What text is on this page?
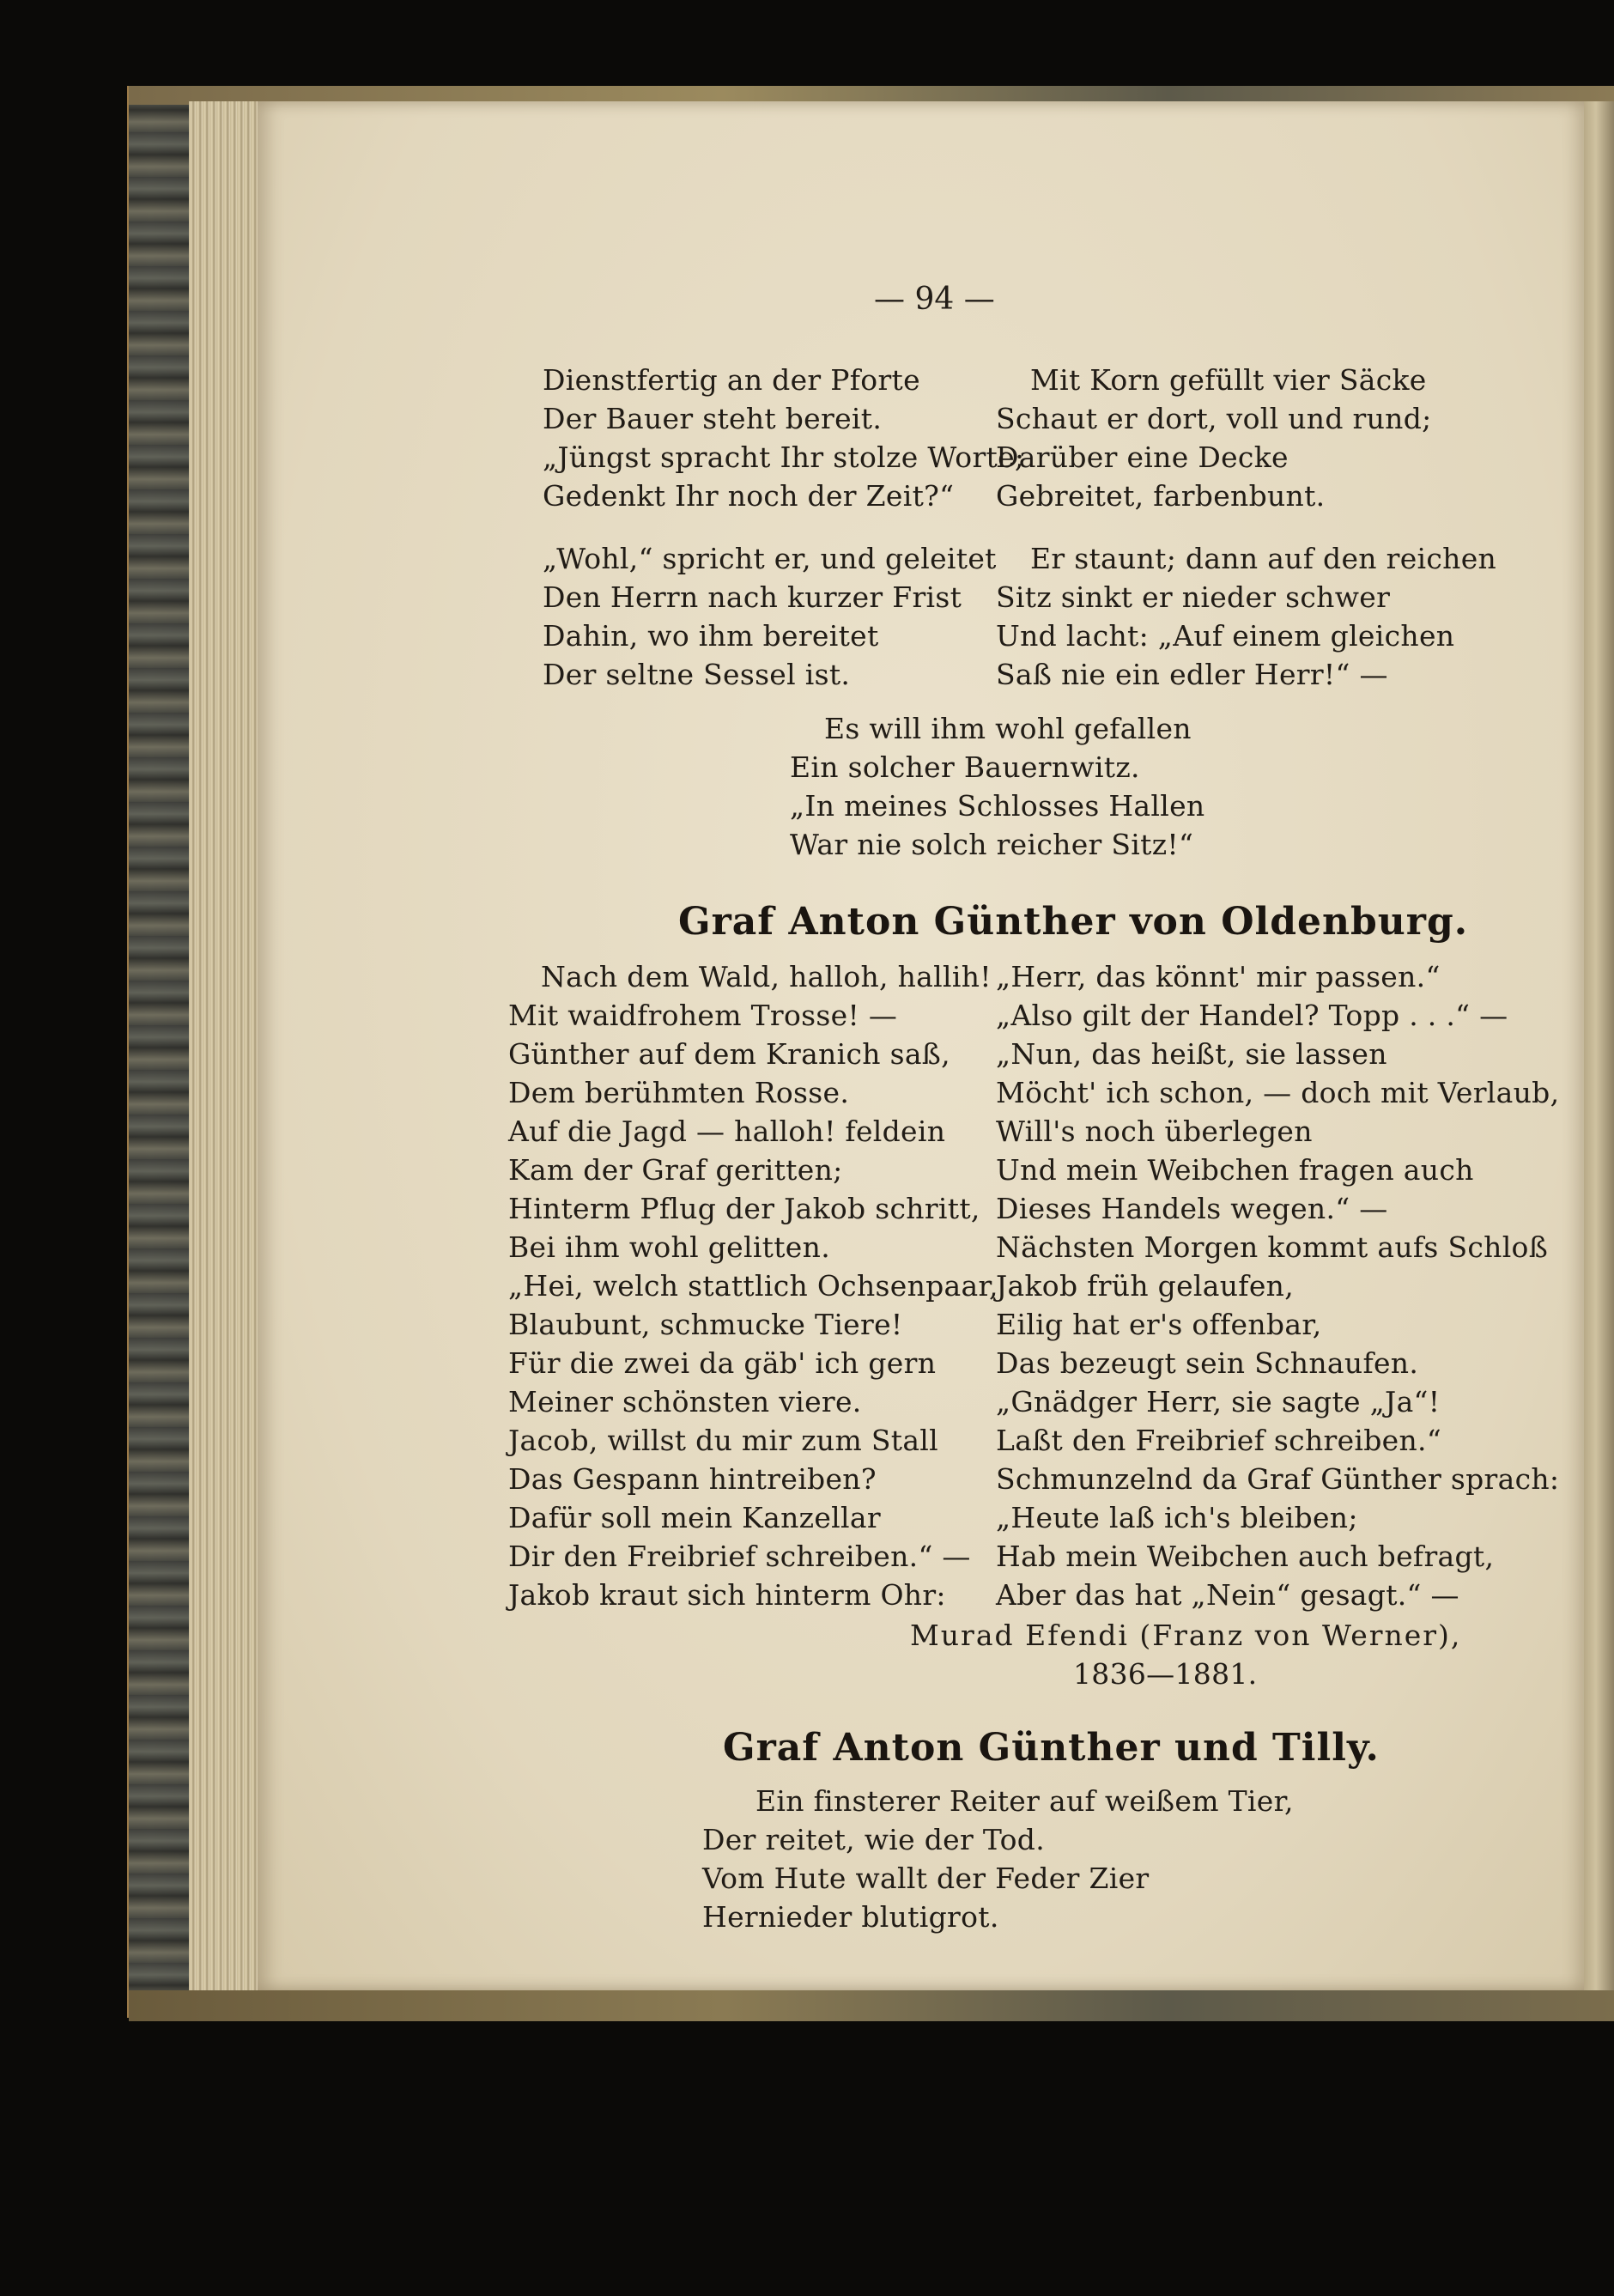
— 94 —
Dienstfertig an der Pforte
Der Bauer steht bereit.
„Jüngst spracht Ihr stolze Worte;
Gedenkt Ihr noch der Zeit?“
„Wohl,“ spricht er, und geleitet
Den Herrn nach kurzer Frist
Dahin, wo ihm bereitet
Der seltne Sessel ist.
Mit Korn gefüllt vier Säcke
Schaut er dort, voll und rund;
Darüber eine Decke
Gebreitet, farbenbunt.
Er staunt; dann auf den reichen
Sitz sinkt er nieder schwer
Und lacht: „Auf einem gleichen
Saß nie ein edler Herr!“ —
Es will ihm wohl gefallen
Ein solcher Bauernwitz.
„In meines Schlosses Hallen
War nie solch reicher Sitz!“
Graf Anton Günther von Oldenburg.
Nach dem Wald, halloh, hallih!
Mit waidfrohem Trosse! —
Günther auf dem Kranich saß,
Dem berühmten Rosse.
Auf die Jagd — halloh! feldein
Kam der Graf geritten;
Hinterm Pflug der Jakob schritt,
Bei ihm wohl gelitten.
„Hei, welch stattlich Ochsenpaar,
Blaubunt, schmucke Tiere!
Für die zwei da gäb' ich gern
Meiner schönsten viere.
Jacob, willst du mir zum Stall
Das Gespann hintreiben?
Dafür soll mein Kanzellar
Dir den Freibrief schreiben.“ —
Jakob kraut sich hinterm Ohr:
„Herr, das könnt' mir passen.“
„Also gilt der Handel? Topp . . .“ —
„Nun, das heißt, sie lassen
Möcht' ich schon, — doch mit Verlaub,
Will's noch überlegen
Und mein Weibchen fragen auch
Dieses Handels wegen.“ —
Nächsten Morgen kommt aufs Schloß
Jakob früh gelaufen,
Eilig hat er's offenbar,
Das bezeugt sein Schnaufen.
„Gnädger Herr, sie sagte „Ja“!
Laßt den Freibrief schreiben.“
Schmunzelnd da Graf Günther sprach:
„Heute laß ich's bleiben;
Hab mein Weibchen auch befragt,
Aber das hat „Nein“ gesagt.“ —
Murad Efendi (Franz von Werner),
1836—1881.
Graf Anton Günther und Tilly.
Ein finsterer Reiter auf weißem Tier,
Der reitet, wie der Tod.
Vom Hute wallt der Feder Zier
Hernieder blutigrot.
